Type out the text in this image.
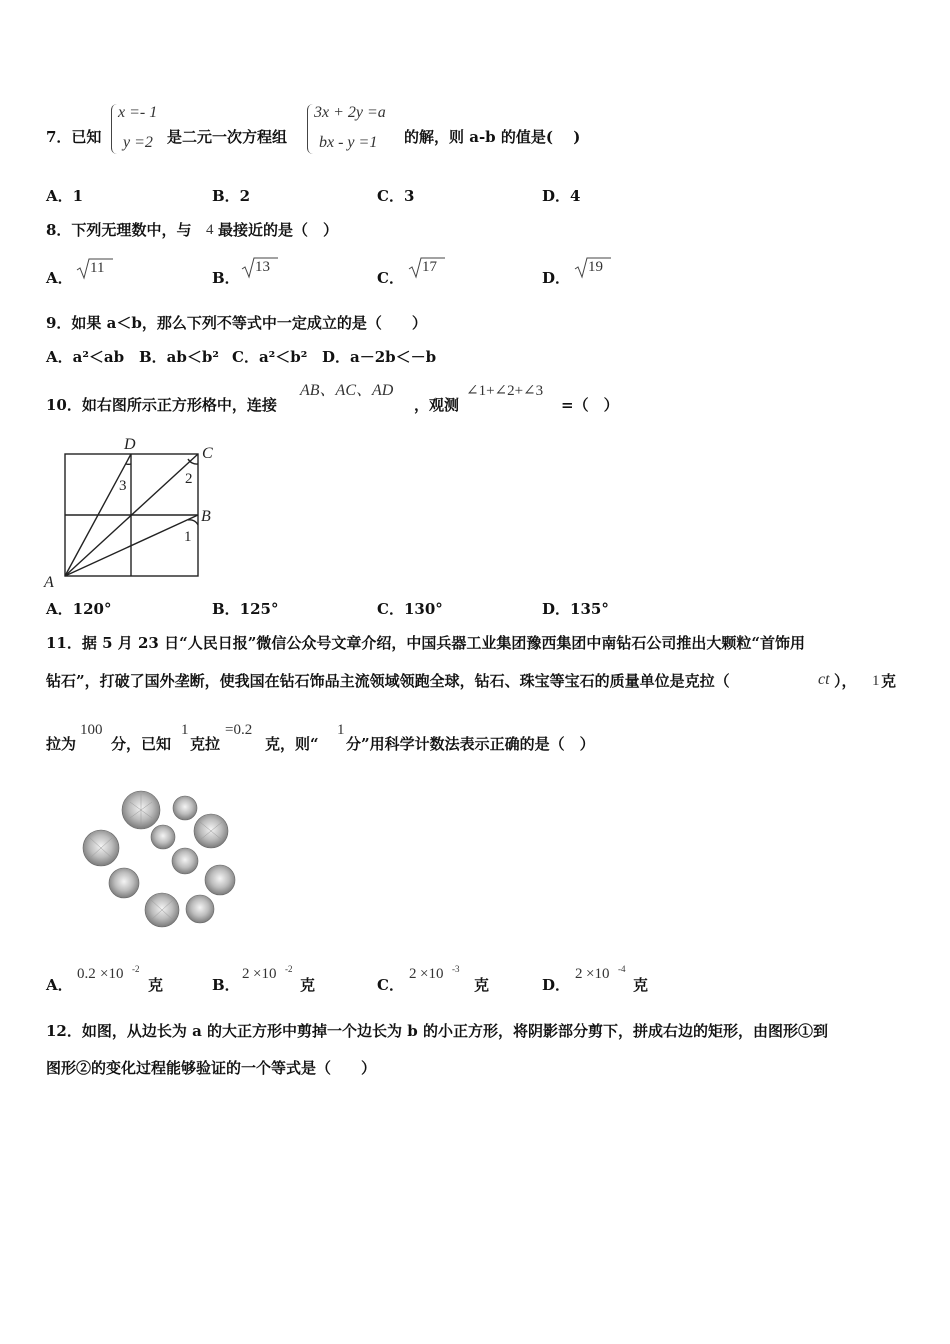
7．已知
x =- 1
y =2 是二元一次方程组
3x + 2y =a
bx - y =1 的解，则 a-b 的值是(　 )
A．1	B．2	C．3	D．4
8．下列无理数中，与 4 最接近的是（　）
A．
11
B．
13
C．
17
D．
19
9．如果 a＜b，那么下列不等式中一定成立的是（　　）
A．a²＜ab B．ab＜b² C．a²＜b² D．a－2b＜－b
10．如右图所示正方形格中，连接
AB、AC、AD
，观测
∠1+∠2+∠3
=（　）
D
C
B
A
1
2
3
A．120°	B．125°	C．130°	D．135°
11．据 5 月 23 日“人民日报”微信公众号文章介绍，中国兵器工业集团豫西集团中南钻石公司推出大颗粒“首饰用
钻石”，打破了国外垄断，使我国在钻石饰品主流领域领跑全球，钻石、珠宝等宝石的质量单位是克拉（	ct ）， 1 克
拉为
100
分，已知
1
克拉
=0.2
克，则“
1
分”用科学计数法表示正确的是（　）
A．
0.2 ×10 -2
克	B．
2 ×10 -2
克	C．
2 ×10 -3
克	D．
2 ×10 -4
克
12．如图，从边长为 a 的大正方形中剪掉一个边长为 b 的小正方形，将阴影部分剪下，拼成右边的矩形，由图形①到
图形②的变化过程能够验证的一个等式是（　　）
